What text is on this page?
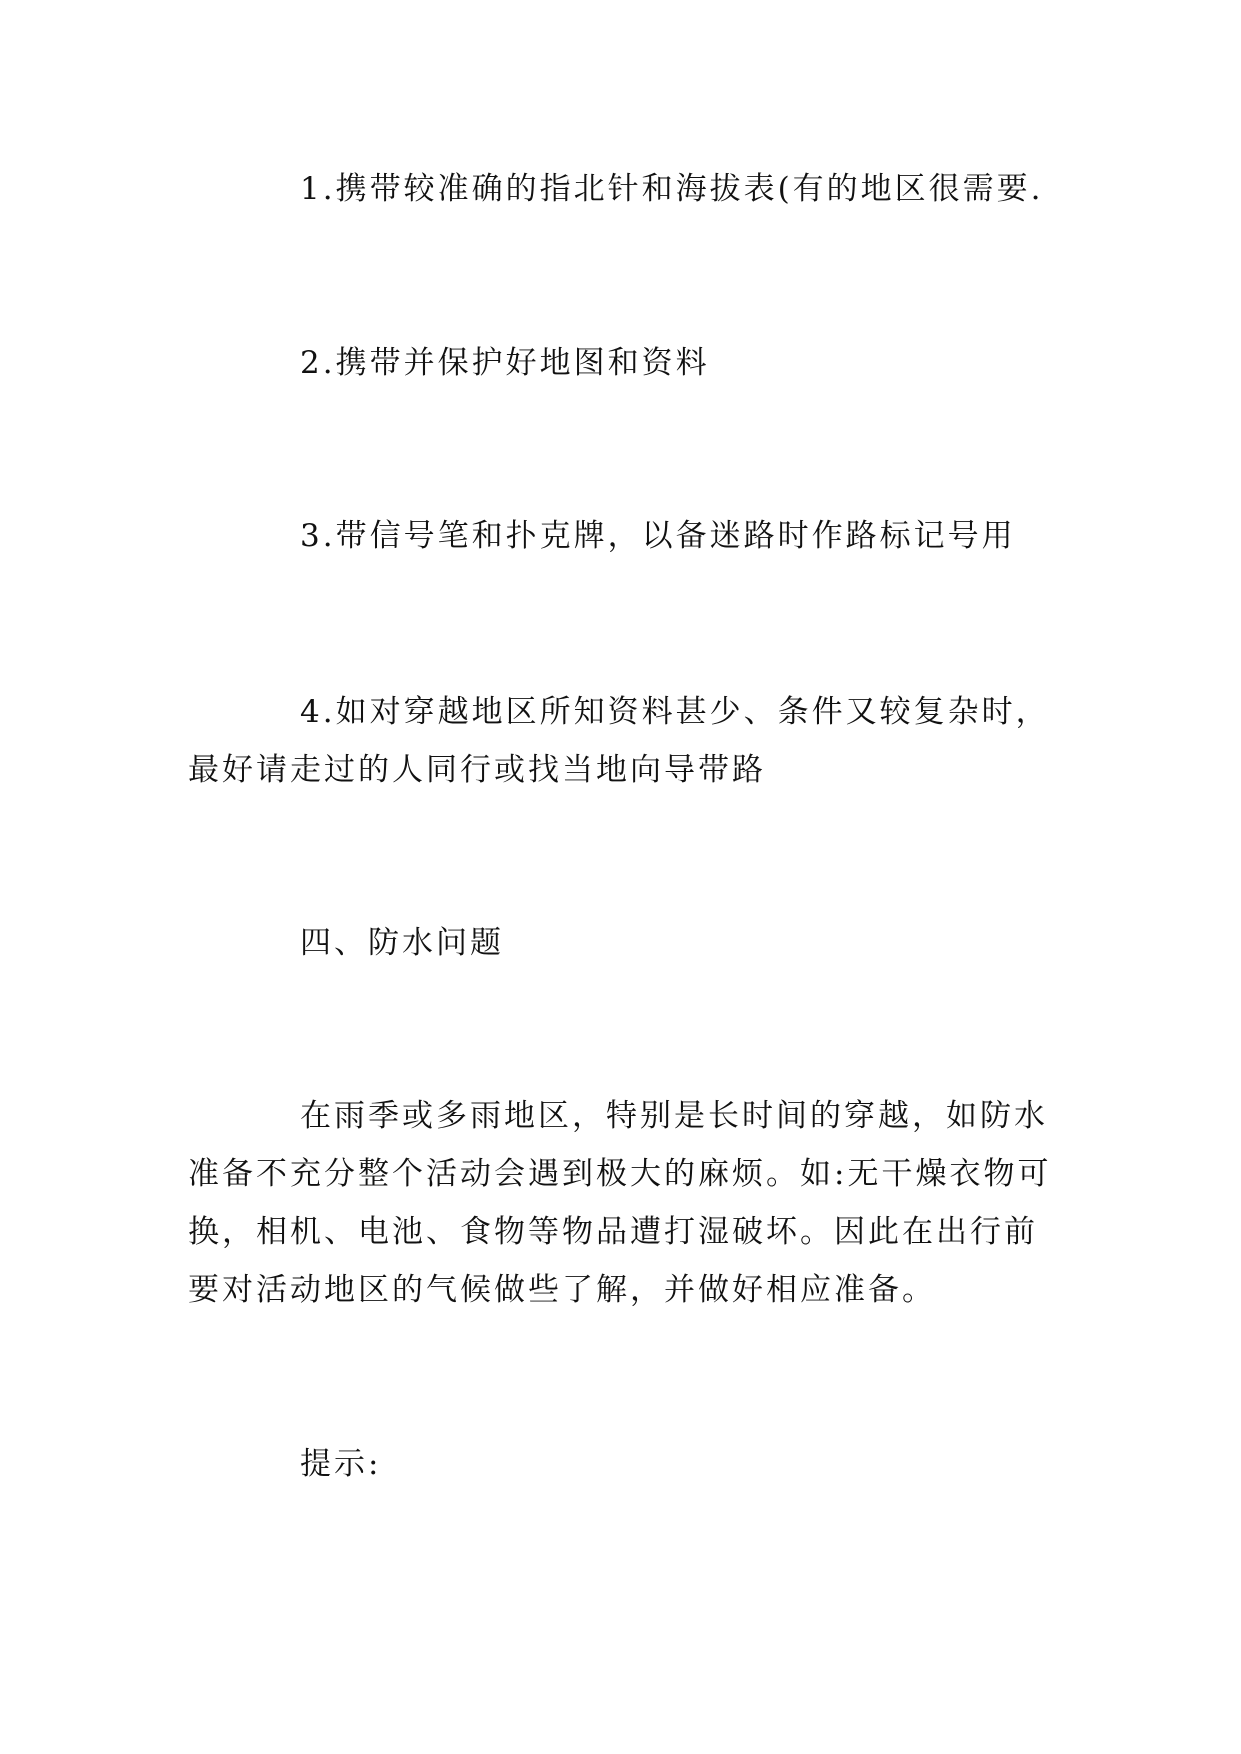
1.携带较准确的指北针和海拔表(有的地区很需要.

2.携带并保护好地图和资料

3.带信号笔和扑克牌，以备迷路时作路标记号用

4.如对穿越地区所知资料甚少、条件又较复杂时，最好请走过的人同行或找当地向导带路

四、防水问题

在雨季或多雨地区，特别是长时间的穿越，如防水准备不充分整个活动会遇到极大的麻烦。如:无干燥衣物可换，相机、电池、食物等物品遭打湿破坏。因此在出行前要对活动地区的气候做些了解，并做好相应准备。

提示:
